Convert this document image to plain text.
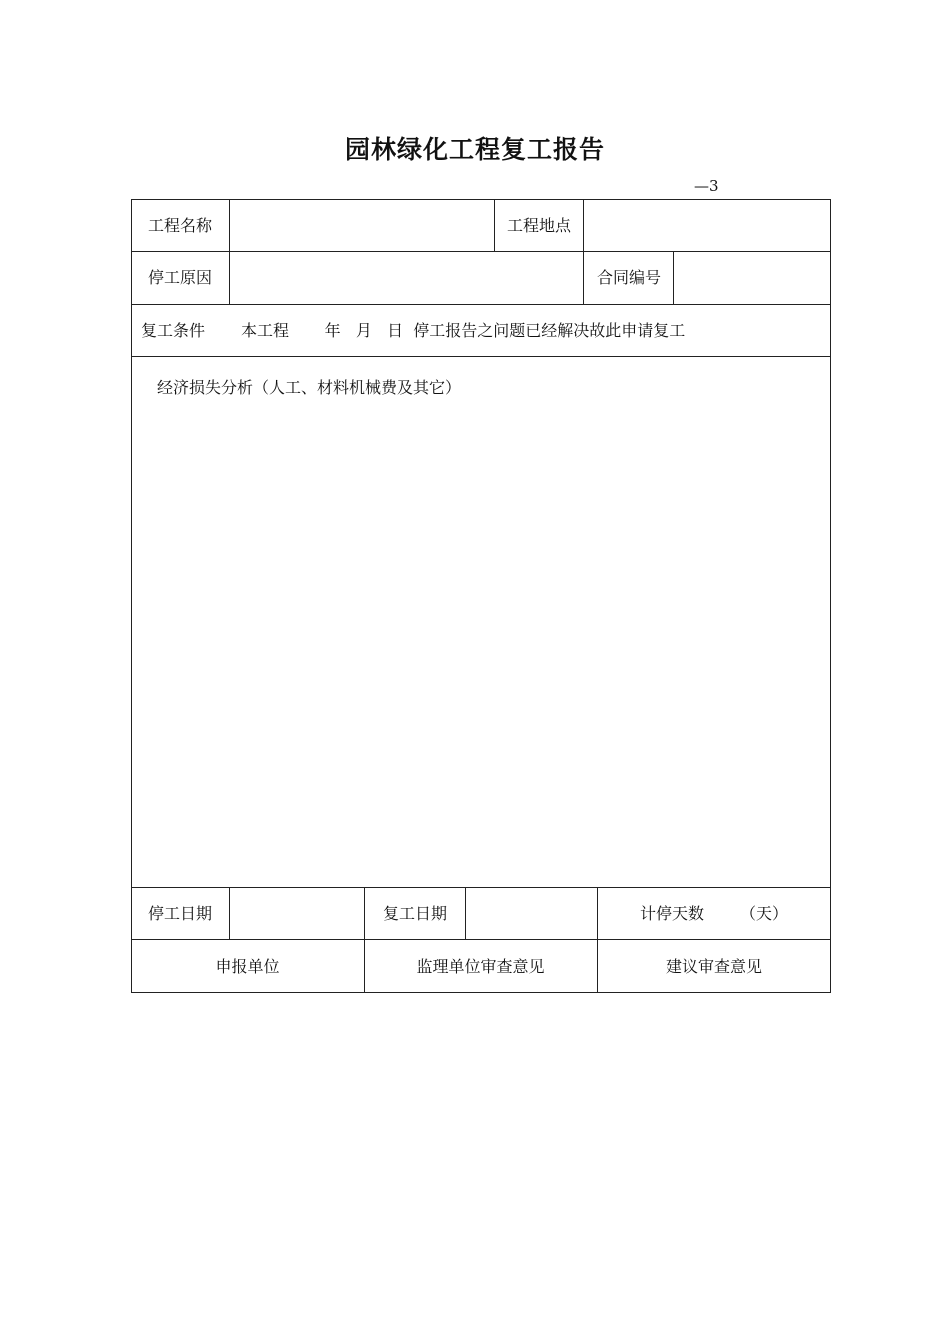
园林绿化工程复工报告
—3
工程名称	工程地点
停工原因	合同编号
复工条件 本工程       年   月   日  停工报告之问题已经解决故此申请复工
经济损失分析（人工、材料机械费及其它）
停工日期	复工日期	计停天数 （天）
申报单位	监理单位审查意见	建议审查意见
